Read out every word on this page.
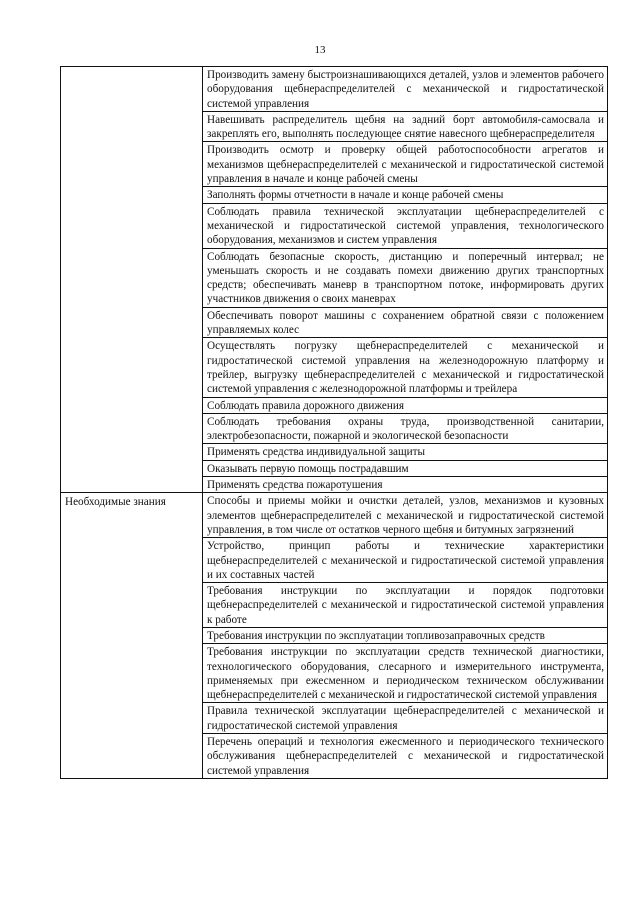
13
	Производить замену быстроизнашивающихся деталей, узлов и элементов рабочего оборудования щебнераспределителей с механической и гидростатической системой управления
	Навешивать распределитель щебня на задний борт автомобиля-самосвала и закреплять его, выполнять последующее снятие навесного щебнераспределителя
	Производить осмотр и проверку общей работоспособности агрегатов и механизмов щебнераспределителей с механической и гидростатической системой управления в начале и конце рабочей смены
	Заполнять формы отчетности в начале и конце рабочей смены
	Соблюдать правила технической эксплуатации щебнераспределителей с механической и гидростатической системой управления, технологического оборудования, механизмов и систем управления
	Соблюдать безопасные скорость, дистанцию и поперечный интервал; не уменьшать скорость и не создавать помехи движению других транспортных средств; обеспечивать маневр в транспортном потоке, информировать других участников движения о своих маневрах
	Обеспечивать поворот машины с сохранением обратной связи с положением управляемых колес
	Осуществлять погрузку щебнераспределителей с механической и гидростатической системой управления на железнодорожную платформу и трейлер, выгрузку щебнераспределителей с механической и гидростатической системой управления с железнодорожной платформы и трейлера
	Соблюдать правила дорожного движения
	Соблюдать требования охраны труда, производственной санитарии, электробезопасности, пожарной и экологической безопасности
	Применять средства индивидуальной защиты
	Оказывать первую помощь пострадавшим
	Применять средства пожаротушения

Необходимые знания	Способы и приемы мойки и очистки деталей, узлов, механизмов и кузовных элементов щебнераспределителей с механической и гидростатической системой управления, в том числе от остатков черного щебня и битумных загрязнений
	Устройство, принцип работы и технические характеристики щебнераспределителей с механической и гидростатической системой управления и их составных частей
	Требования инструкции по эксплуатации и порядок подготовки щебнераспределителей с механической и гидростатической системой управления к работе
	Требования инструкции по эксплуатации топливозаправочных средств
	Требования инструкции по эксплуатации средств технической диагностики, технологического оборудования, слесарного и измерительного инструмента, применяемых при ежесменном и периодическом техническом обслуживании щебнераспределителей с механической и гидростатической системой управления
	Правила технической эксплуатации щебнераспределителей с механической и гидростатической системой управления
	Перечень операций и технология ежесменного и периодического технического обслуживания щебнераспределителей с механической и гидростатической системой управления
